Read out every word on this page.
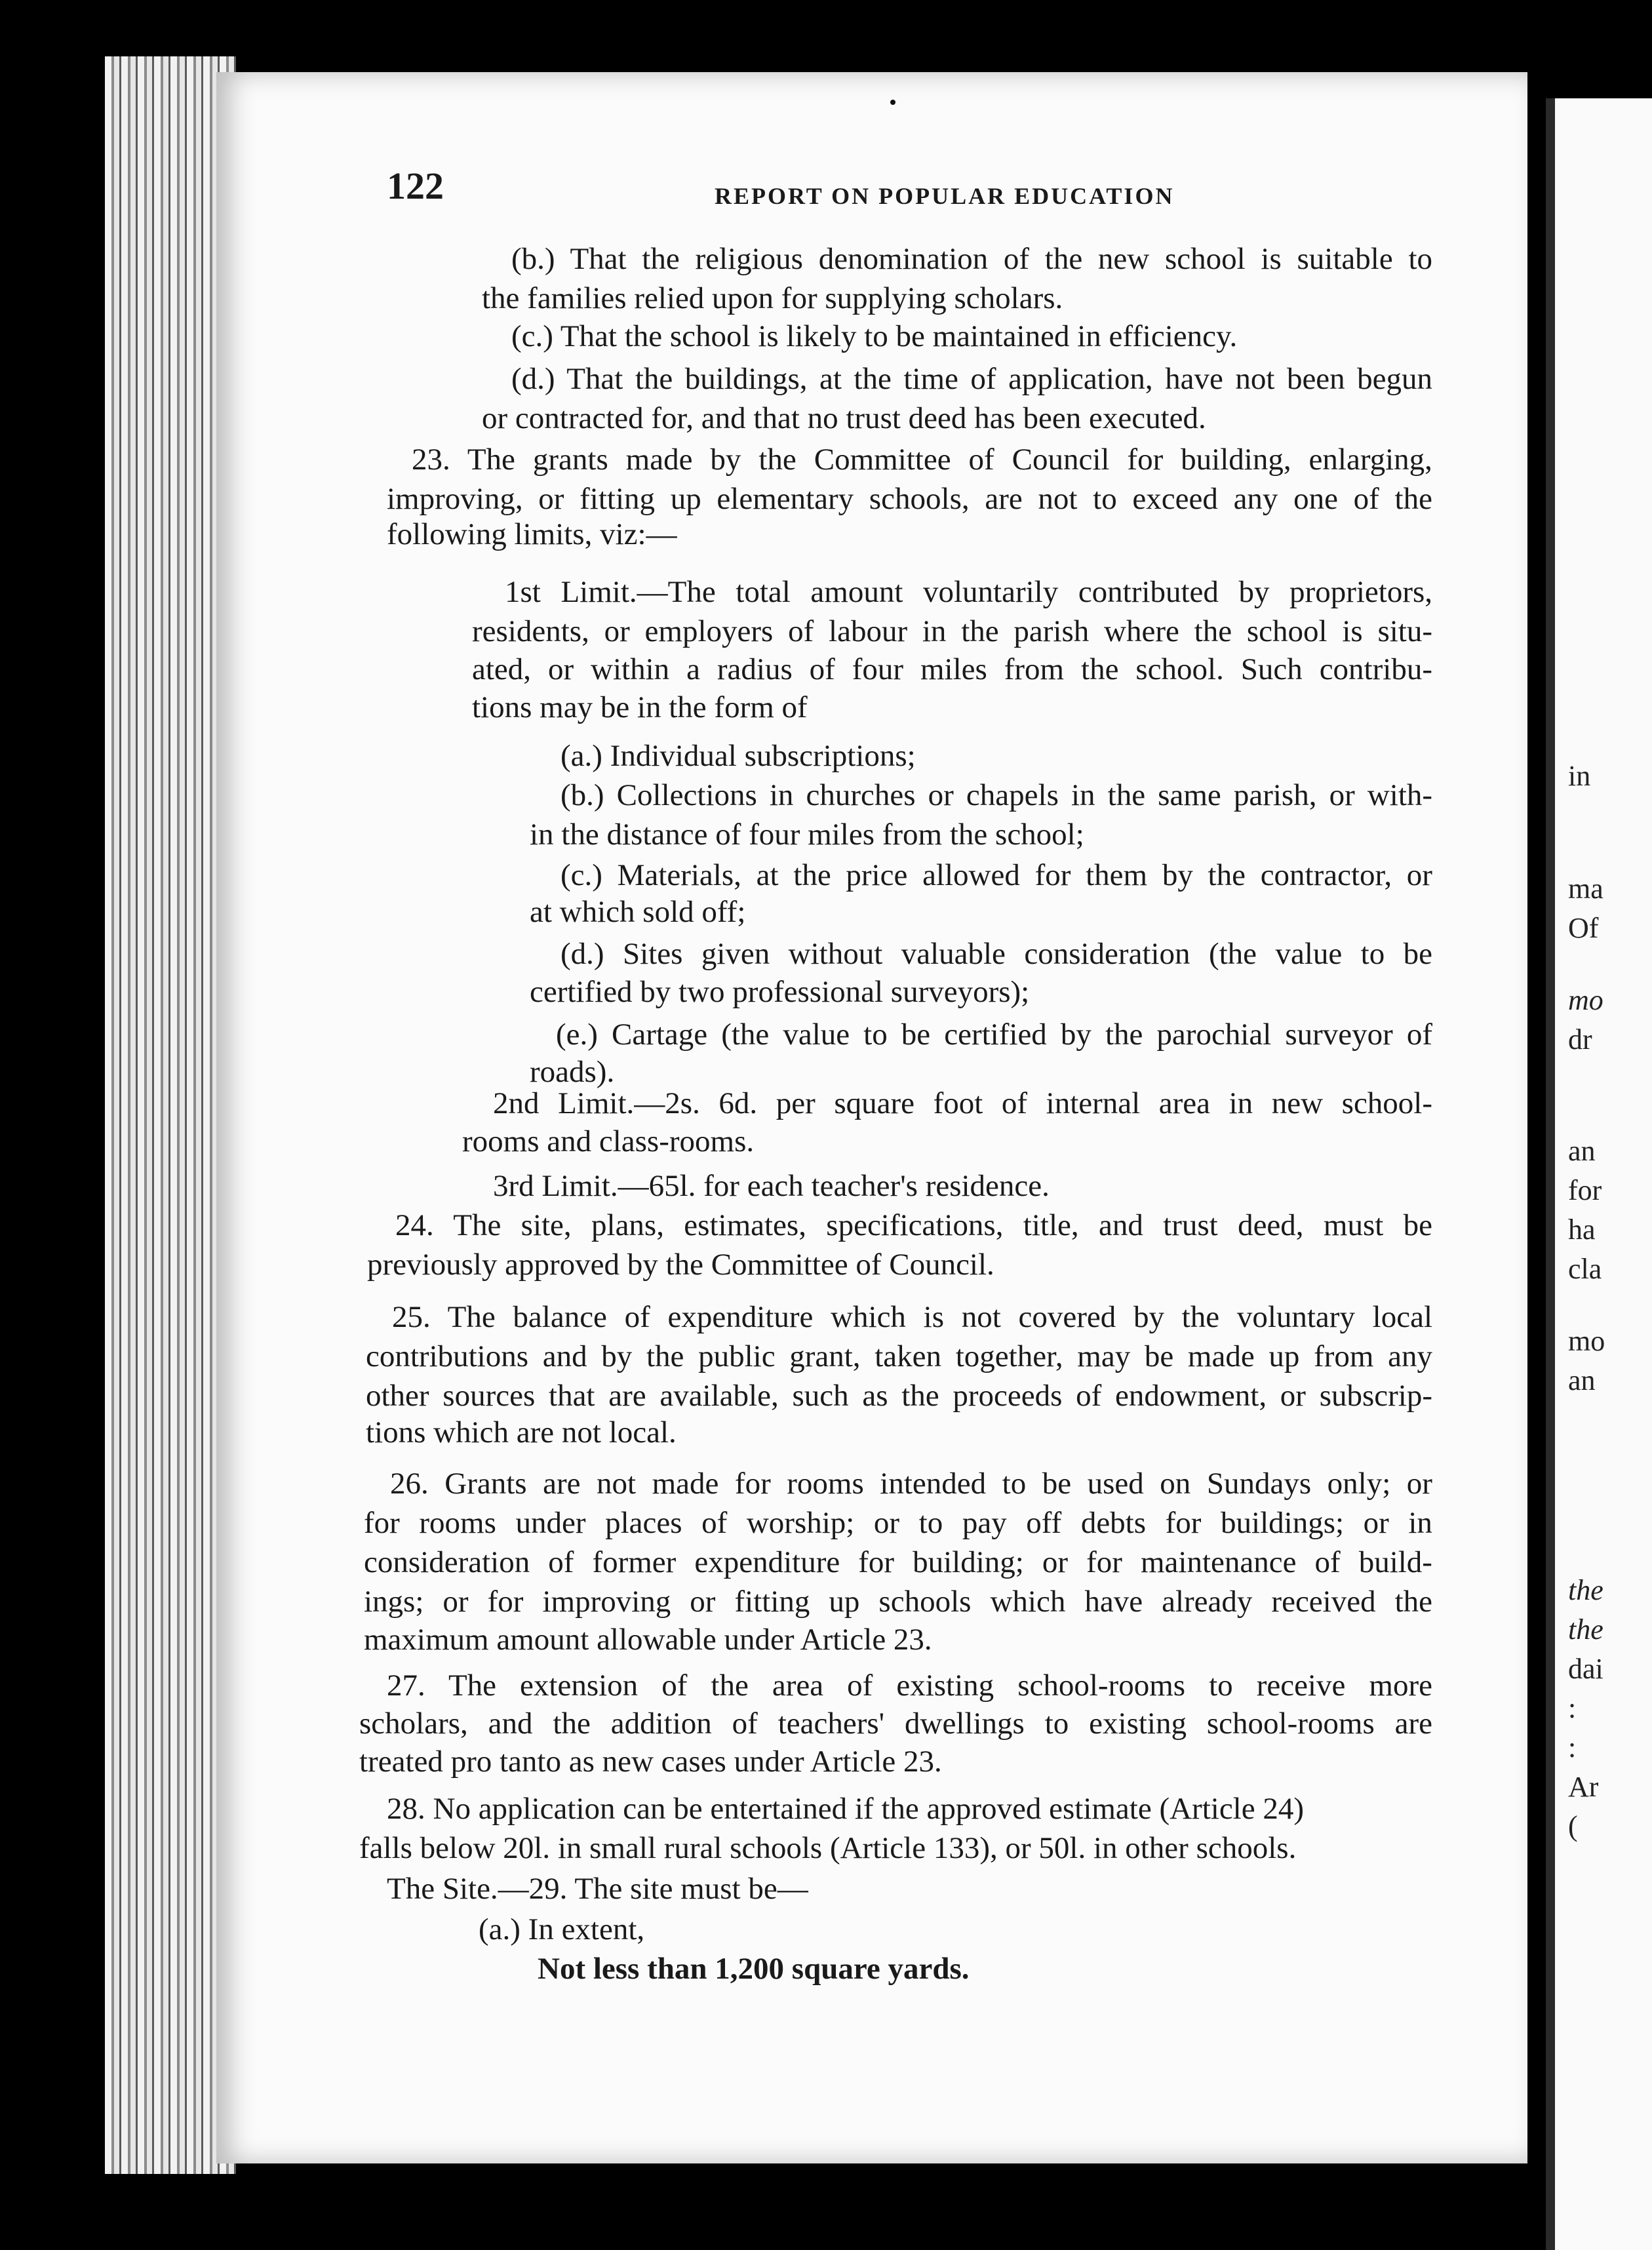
in
ma
Of
mo
dr
an
for
ha
cla
mo
an
the
the
dai
:
:
Ar
(
122	REPORT ON POPULAR EDUCATION
(b.) That the religious denomination of the new school is suitable to
the families relied upon for supplying scholars.
(c.) That the school is likely to be maintained in efficiency.
(d.) That the buildings, at the time of application, have not been begun
or contracted for, and that no trust deed has been executed.
23. The grants made by the Committee of Council for building, enlarging,
improving, or fitting up elementary schools, are not to exceed any one of the
following limits, viz:—
1st Limit.—The total amount voluntarily contributed by proprietors,
residents, or employers of labour in the parish where the school is situ-
ated, or within a radius of four miles from the school. Such contribu-
tions may be in the form of
(a.) Individual subscriptions;
(b.) Collections in churches or chapels in the same parish, or with-
in the distance of four miles from the school;
(c.) Materials, at the price allowed for them by the contractor, or
at which sold off;
(d.) Sites given without valuable consideration (the value to be
certified by two professional surveyors);
(e.) Cartage (the value to be certified by the parochial surveyor of
roads).
2nd Limit.—2s. 6d. per square foot of internal area in new school-
rooms and class-rooms.
3rd Limit.—65l. for each teacher's residence.
24. The site, plans, estimates, specifications, title, and trust deed, must be
previously approved by the Committee of Council.
25. The balance of expenditure which is not covered by the voluntary local
contributions and by the public grant, taken together, may be made up from any
other sources that are available, such as the proceeds of endowment, or subscrip-
tions which are not local.
26. Grants are not made for rooms intended to be used on Sundays only; or
for rooms under places of worship; or to pay off debts for buildings; or in
consideration of former expenditure for building; or for maintenance of build-
ings; or for improving or fitting up schools which have already received the
maximum amount allowable under Article 23.
27. The extension of the area of existing school-rooms to receive more
scholars, and the addition of teachers' dwellings to existing school-rooms are
treated pro tanto as new cases under Article 23.
28. No application can be entertained if the approved estimate (Article 24)
falls below 20l. in small rural schools (Article 133), or 50l. in other schools.
The Site.—29. The site must be—
(a.) In extent,
Not less than 1,200 square yards.
